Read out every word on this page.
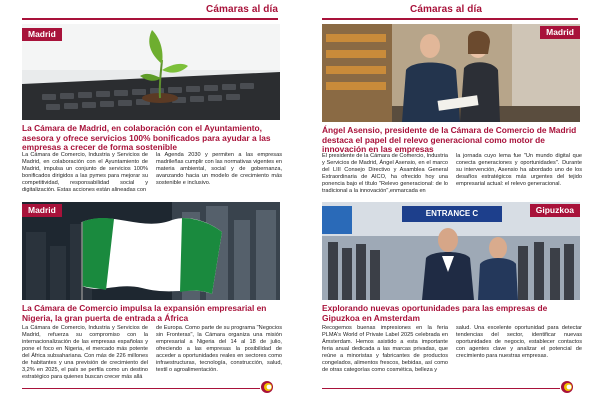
Cámaras al día
La Cámara de Madrid, en colaboración con el Ayuntamiento, asesora y ofrece servicios 100% bonificados para ayudar a las empresas a crecer de forma sostenible

La Cámara de Comercio, Industria y Servicios de Madrid, en colaboración con el Ayuntamiento de Madrid, impulsa un conjunto de servicios 100% bonificados dirigidos a las pymes para mejorar su competitividad, responsabilidad social y digitalización. Estas acciones están alineadas con

la Agenda 2030 y permiten a las empresas madrileñas cumplir con las normativas vigentes en materia ambiental, social y de gobernanza, avanzando hacia un modelo de crecimiento más sostenible e inclusivo.

Madrid
La Cámara de Comercio impulsa la expansión empresarial en Nigeria, la gran puerta de entrada a África

La Cámara de Comercio, Industria y Servicios de Madrid, refuerza su compromiso con la internacionalización de las empresas españolas y pone el foco en Nigeria, el mercado más potente del África subsahariana. Con más de 226 millones de habitantes y una previsión de crecimiento del 3,2% en 2025, el país se perfila como un destino estratégico para quienes buscan crecer más allá

de Europa. Como parte de su programa "Negocios sin Fronteras", la Cámara organiza una misión empresarial a Nigeria del 14 al 18 de julio, ofreciendo a las empresas la posibilidad de acceder a oportunidades reales en sectores como infraestructuras, tecnología, construcción, salud, textil o agroalimentación.

Madrid
Cámaras al día
Madrid
Ángel Asensio, presidente de la Cámara de Comercio de Madrid destaca el papel del relevo generacional como motor de innovación en las empresas

El presidente de la Cámara de Comercio, Industria y Servicios de Madrid, Ángel Asensio, en el marco del LIII Consejo Directivo y Asamblea General Extraordinaria de AICO, ha ofrecido hoy una ponencia bajo el título "Relevo generacional: de lo tradicional a la innovación",enmarcada en

la jornada cuyo lema fue "Un mundo digital que conecta generaciones y oportunidades". Durante su intervención, Asensio ha abordado uno de los desafíos estratégicos más urgentes del tejido empresarial actual: el relevo generacional.

ENTRANCE C	Gipuzkoa
Explorando nuevas oportunidades para las empresas de Gipuzkoa en Amsterdam

Recogemos buenas impresiones en la feria PLMA's World of Private Label 2025 celebrada en Ámsterdam. Hemos asistido a esta importante feria anual dedicada a las marcas privadas, que reúne a minoristas y fabricantes de productos congelados, alimentos frescos, bebidas, así como de otras categorías como cosmética, belleza y

salud. Una excelente oportunidad para detectar tendencias del sector, identificar nuevas oportunidades de negocio, establecer contactos con agentes clave y analizar el potencial de crecimiento para nuestras empresas.
